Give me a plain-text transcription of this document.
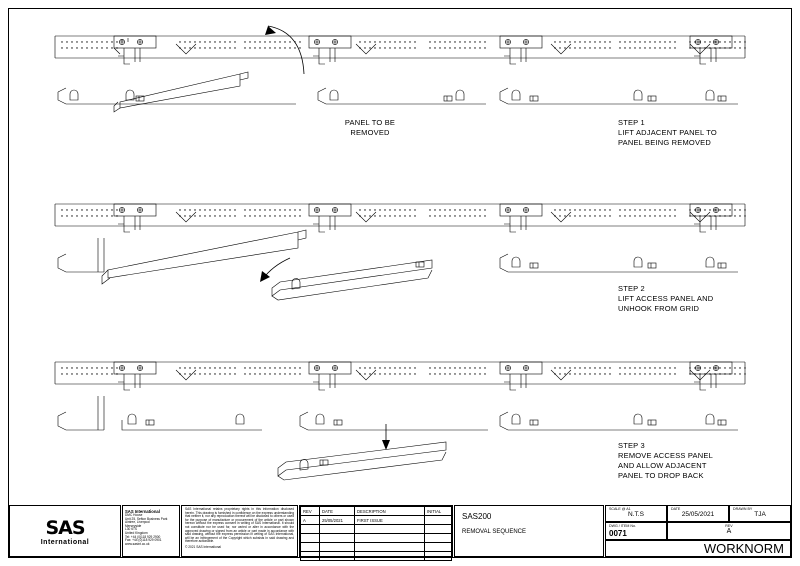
PANEL TO BE
REMOVED
STEP 1
LIFT ADJACENT PANEL TO
PANEL BEING REMOVED
STEP 2
LIFT ACCESS PANEL AND
UNHOOK FROM GRID
STEP 3
REMOVE ACCESS PANEL
AND ALLOW ADJACENT
PANEL TO DROP BACK
SAS
International
SAS International
DMC House
Unit 25, Sefton Business Park
Aintree, Liverpool
Merseyside
L30 6TS
United Kingdom
Tel: +44 (0)118 929 2900
Fax: +44 (0)118 929 0901
www.sasint.co.uk
SAS International retains proprietary rights in this information disclosed herein. This drawing is furnished in confidence on the express understanding that neither it, nor any reproduction thereof will be disclosed to others or used for the purpose of manufacture or procurement of the article or part shown hereon without the express consent in writing of SAS International. It should not constitute nor be used for, nor varied or alter in accordance with the approved drawing or signed from an article or part made in accordance with said drawing, without the express permission in writing of SAS International, will be an infringement of the Copyright which subsists in said drawing and therefore actionable.
© 2021 SAS International
REV	DATE	DESCRIPTION	INITIAL
A	25/05/2021	FIRST ISSUE	

				SAS200
REMOVAL SEQUENCE
SCALE @ A1
N.T.S
DATE
25/05/2021
DRAWN BY
TJA
DWG / ITEM No.
0071
REV
A
WORKNORM
